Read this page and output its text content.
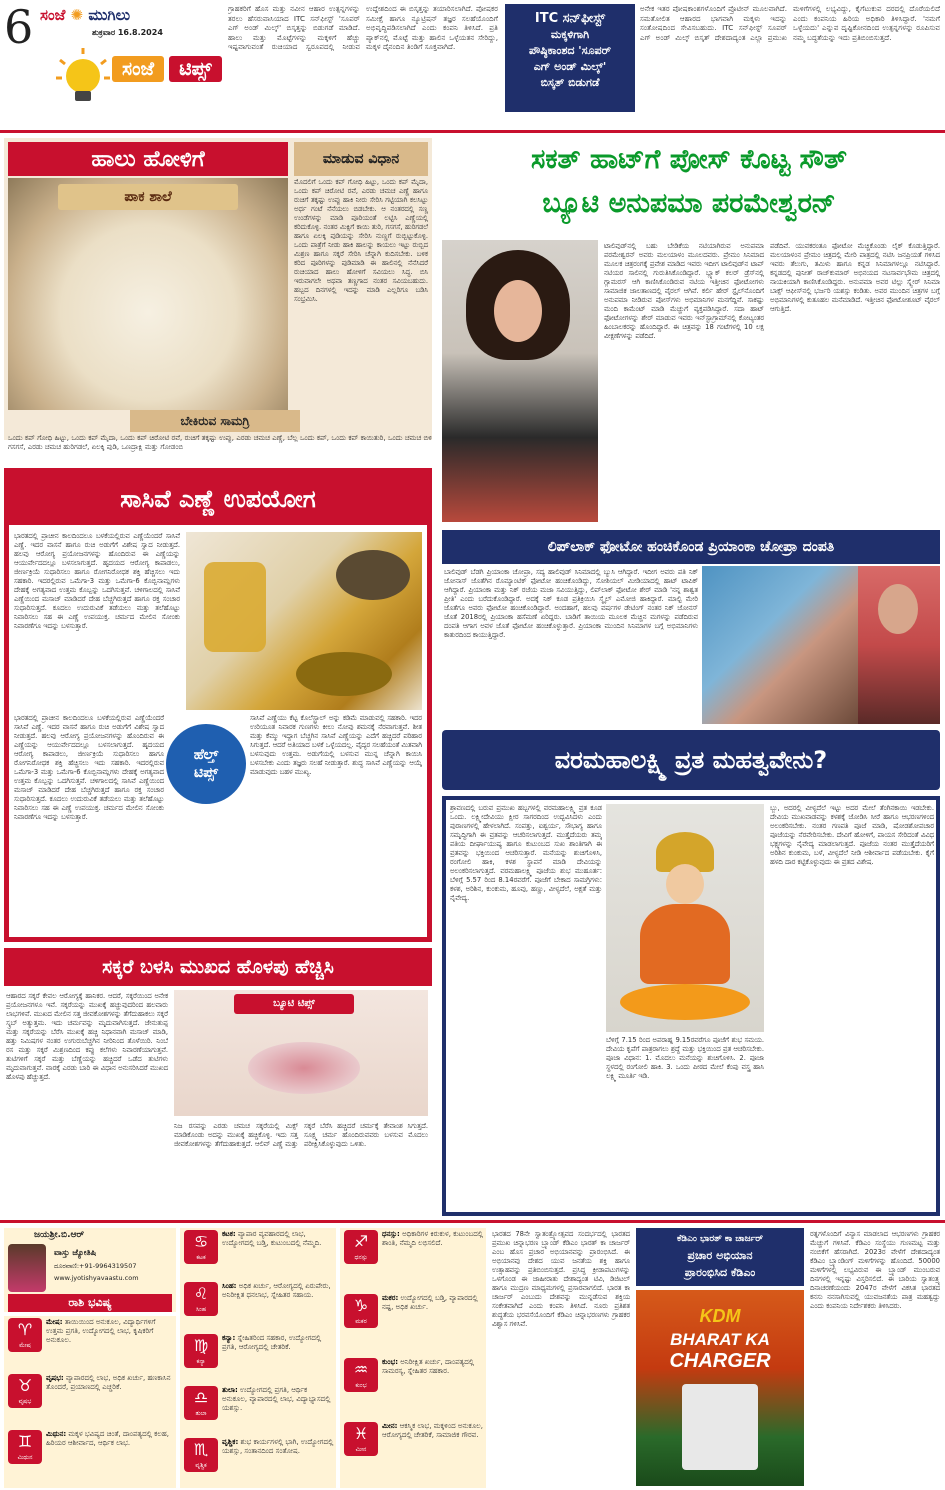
6 ಸಂಜೆ ✺ ಮುಗಿಲು
ಶುಕ್ರವಾರ 16.8.2024
ಸಂಜೆ ಟಿಪ್ಸ್
ಗ್ರಾಹಕರಿಗೆ ಹೊಸ ಮತ್ತು ನವೀನ ಆಹಾರ ಉತ್ಪನ್ನಗಳನ್ನು ತರಲು ಹೆಸರುವಾಸಿಯಾದ ITC ಸನ್‌ಫೀಸ್ಟ್ 'ಸೂಪರ್ ಎಗ್ ಅಂಡ್ ಮಿಲ್ಕ್' ಬಿಸ್ಕತ್ತನ್ನು ಬಿಡುಗಡೆ ಮಾಡಿದೆ. ಹಾಲು ಮತ್ತು ಮೊಟ್ಟೆಗಳನ್ನು ಮಕ್ಕಳಿಗೆ ಹೆಚ್ಚು ಇಷ್ಟವಾಗುವಂತೆ ರುಚಿಯಾದ ಸ್ವರೂಪದಲ್ಲಿ ನೀಡುವ ಉದ್ದೇಶದಿಂದ ಈ ಬಿಸ್ಕತ್ತನ್ನು ತಯಾರಿಸಲಾಗಿದೆ. ಪೋಷಕರ ಸಮೀಕ್ಷೆ ಹಾಗೂ ನ್ಯೂಟ್ರಿಷನ್ ತಜ್ಞರ ಸಲಹೆಯೊಂದಿಗೆ ಅಭಿವೃದ್ಧಿಪಡಿಸಲಾಗಿದೆ ಎಂದು ಕಂಪನಿ ತಿಳಿಸಿದೆ. ಪ್ರತಿ ಪ್ಯಾಕ್‌ನಲ್ಲಿ ಮೊಟ್ಟೆ ಮತ್ತು ಹಾಲಿನ ಒಳ್ಳೆಯತನ ಸೇರಿದ್ದು, ಮಕ್ಕಳ ದೈನಂದಿನ ತಿಂಡಿಗೆ ಸೂಕ್ತವಾಗಿದೆ.
ITC ಸನ್‌ಫೀಸ್ಟ್
ಮಕ್ಕಳಿಗಾಗಿ
ಪೌಷ್ಠಿಕಾಂಶದ 'ಸೂಪರ್
ಎಗ್ ಅಂಡ್ ಮಿಲ್ಕ್'
ಬಿಸ್ಕತ್ ಬಿಡುಗಡೆ
ಅನೇಕ ಇತರ ಪೋಷಕಾಂಶಗಳೊಂದಿಗೆ ಪ್ರೊಟೀನ್ ಮೂಲವಾಗಿದೆ. ಸಮತೋಲಿತ ಆಹಾರದ ಭಾಗವಾಗಿ ಮಕ್ಕಳು ಇದನ್ನು ಸಂತೋಷದಿಂದ ಸೇವಿಸಬಹುದು. ITC ಸನ್‌ಫೀಸ್ಟ್ ಸೂಪರ್ ಎಗ್ ಅಂಡ್ ಮಿಲ್ಕ್ ಬಿಸ್ಕತ್ ದೇಶದಾದ್ಯಂತ ಎಲ್ಲಾ ಪ್ರಮುಖ ಮಳಿಗೆಗಳಲ್ಲಿ ಲಭ್ಯವಿದ್ದು, ಕೈಗೆಟುಕುವ ದರದಲ್ಲಿ ದೊರೆಯಲಿದೆ ಎಂದು ಕಂಪನಿಯ ಹಿರಿಯ ಅಧಿಕಾರಿ ತಿಳಿಸಿದ್ದಾರೆ. 'ನಮಗೆ ಒಳ್ಳೆಯದು' ಎನ್ನುವ ದೃಷ್ಟಿಕೋನದಿಂದ ಉತ್ಪನ್ನಗಳನ್ನು ರೂಪಿಸುವ ನಮ್ಮ ಬದ್ಧತೆಯನ್ನು ಇದು ಪ್ರತಿಬಿಂಬಿಸುತ್ತದೆ.
ಹಾಲು ಹೋಳಿಗೆ	ಮಾಡುವ ವಿಧಾನ
ಪಾಕ ಶಾಲೆ
ಬೇಕಿರುವ ಸಾಮಗ್ರಿ
ಮೊದಲಿಗೆ ಒಂದು ಕಪ್ ಗೋಧಿ ಹಿಟ್ಟು, ಒಂದು ಕಪ್ ಮೈದಾ, ಒಂದು ಕಪ್ ಚಿರೋಟಿ ರವೆ, ಎರಡು ಚಮಚ ಎಣ್ಣೆ ಹಾಗೂ ರುಚಿಗೆ ತಕ್ಕಷ್ಟು ಉಪ್ಪು ಹಾಕಿ ನೀರು ಸೇರಿಸಿ ಗಟ್ಟಿಯಾಗಿ ಕಲಸಿಟ್ಟು ಅರ್ಧ ಗಂಟೆ ನೆನೆಯಲು ಬಿಡಬೇಕು. ಆ ನಂತರದಲ್ಲಿ ಸಣ್ಣ ಉಂಡೆಗಳನ್ನು ಮಾಡಿ ಪೂರಿಯಂತೆ ಲಟ್ಟಿಸಿ ಎಣ್ಣೆಯಲ್ಲಿ ಕರಿದುಕೊಳ್ಳಿ. ನಂತರ ಮಿಕ್ಸಿಗೆ ಕಾಯಿ ತುರಿ, ಗಸಗಸೆ, ಹುರಿಗಡಲೆ ಹಾಗೂ ಏಲಕ್ಕಿ ಪುಡಿಯನ್ನು ಸೇರಿಸಿ ನುಣ್ಣಗೆ ರುಬ್ಬಿಟ್ಟುಕೊಳ್ಳಿ. ಒಂದು ಪಾತ್ರೆಗೆ ನೀಡು ಹಾಕಿ ಹಾಲನ್ನು ಕಾಯಲು ಇಟ್ಟು ರುಬ್ಬಿದ ಮಿಶ್ರಣ ಹಾಗೂ ಸಕ್ಕರೆ ಸೇರಿಸಿ ಚೆನ್ನಾಗಿ ಕುದಿಸಬೇಕು. ಬಳಿಕ ಕರಿದ ಪೂರಿಗಳನ್ನು ಪುಡಿಮಾಡಿ ಈ ಹಾಲಿನಲ್ಲಿ ನೆನೆಸಿದರೆ ರುಚಿಯಾದ ಹಾಲು ಹೋಳಿಗೆ ಸವಿಯಲು ಸಿದ್ಧ. ಬಿಸಿ ಇರುವಾಗಲೇ ಅಥವಾ ತಣ್ಣಗಾದ ನಂತರ ಸವಿಯಬಹುದು. ಹಬ್ಬದ ದಿನಗಳಲ್ಲಿ ಇದನ್ನು ಮಾಡಿ ಎಲ್ಲರಿಗೂ ಬಡಿಸಿ ಸಂಭ್ರಮಿಸಿ.
ಒಂದು ಕಪ್ ಗೋಧಿ ಹಿಟ್ಟು, ಒಂದು ಕಪ್ ಮೈದಾ, ಒಂದು ಕಪ್ ಚಿರೋಟಿ ರವೆ, ರುಚಿಗೆ ತಕ್ಕಷ್ಟು ಉಪ್ಪು, ಎರಡು ಚಮಚ ಎಣ್ಣೆ, ಬೆಲ್ಲ ಒಂದು ಕಪ್, ಒಂದು ಕಪ್ ಕಾಯಿತುರಿ, ಒಂದು ಚಮಚ ಬಿಳಿ ಗಸಗಸೆ, ಎರಡು ಚಮಚ ಹುರಿಗಡಲೆ, ಏಲಕ್ಕಿ ಪುಡಿ, ಒಣದ್ರಾಕ್ಷಿ ಮತ್ತು ಗೋಡಂಬಿ
ಸಾಸಿವೆ ಎಣ್ಣೆ ಉಪಯೋಗ
ಭಾರತದಲ್ಲಿ ಪ್ರಾಚೀನ ಕಾಲದಿಂದಲೂ ಬಳಕೆಯಲ್ಲಿರುವ ಎಣ್ಣೆಯೆಂದರೆ ಸಾಸಿವೆ ಎಣ್ಣೆ. ಇದರ ವಾಸನೆ ಹಾಗೂ ರುಚಿ ಅಡುಗೆಗೆ ವಿಶೇಷ ಸ್ವಾದ ನೀಡುತ್ತದೆ. ಹಲವು ಆರೋಗ್ಯ ಪ್ರಯೋಜನಗಳನ್ನು ಹೊಂದಿರುವ ಈ ಎಣ್ಣೆಯನ್ನು ಆಯುರ್ವೇದದಲ್ಲೂ ಬಳಸಲಾಗುತ್ತದೆ. ಹೃದಯದ ಆರೋಗ್ಯ ಕಾಪಾಡಲು, ಜೀರ್ಣಕ್ರಿಯೆ ಸುಧಾರಿಸಲು ಹಾಗೂ ರೋಗನಿರೋಧಕ ಶಕ್ತಿ ಹೆಚ್ಚಿಸಲು ಇದು ಸಹಕಾರಿ. ಇದರಲ್ಲಿರುವ ಒಮೆಗಾ-3 ಮತ್ತು ಒಮೆಗಾ-6 ಕೊಬ್ಬಿನಾಮ್ಲಗಳು ದೇಹಕ್ಕೆ ಅಗತ್ಯವಾದ ಉತ್ತಮ ಕೊಬ್ಬನ್ನು ಒದಗಿಸುತ್ತವೆ. ಚಳಿಗಾಲದಲ್ಲಿ ಸಾಸಿವೆ ಎಣ್ಣೆಯಿಂದ ಮಸಾಜ್ ಮಾಡಿದರೆ ದೇಹ ಬೆಚ್ಚಗಿರುತ್ತದೆ ಹಾಗೂ ರಕ್ತ ಸಂಚಾರ ಸುಧಾರಿಸುತ್ತದೆ. ಕೂದಲು ಉದುರುವಿಕೆ ತಡೆಯಲು ಮತ್ತು ತಲೆಹೊಟ್ಟು ನಿವಾರಿಸಲು ಸಹ ಈ ಎಣ್ಣೆ ಉಪಯುಕ್ತ. ಚರ್ಮದ ಮೇಲಿನ ಸೋಂಕು ನಿವಾರಣೆಗೂ ಇದನ್ನು ಬಳಸುತ್ತಾರೆ.
ಭಾರತದಲ್ಲಿ ಪ್ರಾಚೀನ ಕಾಲದಿಂದಲೂ ಬಳಕೆಯಲ್ಲಿರುವ ಎಣ್ಣೆಯೆಂದರೆ ಸಾಸಿವೆ ಎಣ್ಣೆ. ಇದರ ವಾಸನೆ ಹಾಗೂ ರುಚಿ ಅಡುಗೆಗೆ ವಿಶೇಷ ಸ್ವಾದ ನೀಡುತ್ತದೆ. ಹಲವು ಆರೋಗ್ಯ ಪ್ರಯೋಜನಗಳನ್ನು ಹೊಂದಿರುವ ಈ ಎಣ್ಣೆಯನ್ನು ಆಯುರ್ವೇದದಲ್ಲೂ ಬಳಸಲಾಗುತ್ತದೆ. ಹೃದಯದ ಆರೋಗ್ಯ ಕಾಪಾಡಲು, ಜೀರ್ಣಕ್ರಿಯೆ ಸುಧಾರಿಸಲು ಹಾಗೂ ರೋಗನಿರೋಧಕ ಶಕ್ತಿ ಹೆಚ್ಚಿಸಲು ಇದು ಸಹಕಾರಿ. ಇದರಲ್ಲಿರುವ ಒಮೆಗಾ-3 ಮತ್ತು ಒಮೆಗಾ-6 ಕೊಬ್ಬಿನಾಮ್ಲಗಳು ದೇಹಕ್ಕೆ ಅಗತ್ಯವಾದ ಉತ್ತಮ ಕೊಬ್ಬನ್ನು ಒದಗಿಸುತ್ತವೆ. ಚಳಿಗಾಲದಲ್ಲಿ ಸಾಸಿವೆ ಎಣ್ಣೆಯಿಂದ ಮಸಾಜ್ ಮಾಡಿದರೆ ದೇಹ ಬೆಚ್ಚಗಿರುತ್ತದೆ ಹಾಗೂ ರಕ್ತ ಸಂಚಾರ ಸುಧಾರಿಸುತ್ತದೆ. ಕೂದಲು ಉದುರುವಿಕೆ ತಡೆಯಲು ಮತ್ತು ತಲೆಹೊಟ್ಟು ನಿವಾರಿಸಲು ಸಹ ಈ ಎಣ್ಣೆ ಉಪಯುಕ್ತ. ಚರ್ಮದ ಮೇಲಿನ ಸೋಂಕು ನಿವಾರಣೆಗೂ ಇದನ್ನು ಬಳಸುತ್ತಾರೆ.
ಹೆಲ್ತ್
ಟಿಪ್ಸ್
ಸಾಸಿವೆ ಎಣ್ಣೆಯು ಕೆಟ್ಟ ಕೊಲೆಸ್ಟ್ರಾಲ್ ಅನ್ನು ಕಡಿಮೆ ಮಾಡುವಲ್ಲಿ ಸಹಕಾರಿ. ಇದರ ಉರಿಯೂತ ನಿವಾರಕ ಗುಣಗಳು ಕೀಲು ನೋವು ಶಮನಕ್ಕೆ ನೆರವಾಗುತ್ತವೆ. ಶೀತ ಮತ್ತು ಕೆಮ್ಮು ಇದ್ದಾಗ ಬೆಚ್ಚಗಿನ ಸಾಸಿವೆ ಎಣ್ಣೆಯನ್ನು ಎದೆಗೆ ಹಚ್ಚಿದರೆ ಪರಿಹಾರ ಸಿಗುತ್ತದೆ. ಆದರೆ ಅತಿಯಾದ ಬಳಕೆ ಒಳ್ಳೆಯದಲ್ಲ. ವೈದ್ಯರ ಸಲಹೆಯಂತೆ ಮಿತವಾಗಿ ಬಳಸುವುದು ಉತ್ತಮ. ಅಡುಗೆಯಲ್ಲಿ ಬಳಸುವ ಮುನ್ನ ಚೆನ್ನಾಗಿ ಕಾಯಿಸಿ ಬಳಸಬೇಕು ಎಂದು ತಜ್ಞರು ಸಲಹೆ ನೀಡುತ್ತಾರೆ. ಶುದ್ಧ ಸಾಸಿವೆ ಎಣ್ಣೆಯನ್ನು ಆಯ್ಕೆ ಮಾಡುವುದು ಬಹಳ ಮುಖ್ಯ.
ಸಕ್ಕರೆ ಬಳಸಿ ಮುಖದ ಹೊಳಪು ಹೆಚ್ಚಿಸಿ
ಆಹಾರದ ಸಕ್ಕರೆ ಕೇವಲ ಆರೋಗ್ಯಕ್ಕೆ ಹಾನಿಕರ. ಆದರೆ, ಸಕ್ಕರೆಯಿಂದ ಅನೇಕ ಪ್ರಯೋಜನಗಳೂ ಇವೆ. ಸಕ್ಕರೆಯನ್ನು ಮುಖಕ್ಕೆ ಹಚ್ಚುವುದರಿಂದ ಹಲವಾರು ಲಾಭಗಳಿವೆ. ಮುಖದ ಮೇಲಿನ ಸತ್ತ ಜೀವಕೋಶಗಳನ್ನು ತೆಗೆದುಹಾಕಲು ಸಕ್ಕರೆ ಸ್ಕ್ರಬ್ ಅತ್ಯುತ್ತಮ. ಇದು ಚರ್ಮವನ್ನು ಮೃದುವಾಗಿಸುತ್ತದೆ. ಜೇನುತುಪ್ಪ ಮತ್ತು ಸಕ್ಕರೆಯನ್ನು ಬೆರೆಸಿ ಮುಖಕ್ಕೆ ಹಚ್ಚಿ ನಿಧಾನವಾಗಿ ಮಸಾಜ್ ಮಾಡಿ, ಹತ್ತು ನಿಮಿಷಗಳ ನಂತರ ಉಗುರುಬೆಚ್ಚಗಿನ ನೀರಿನಿಂದ ತೊಳೆಯಿರಿ. ನಿಂಬೆ ರಸ ಮತ್ತು ಸಕ್ಕರೆ ಮಿಶ್ರಣದಿಂದ ಕಪ್ಪು ಕಲೆಗಳು ನಿವಾರಣೆಯಾಗುತ್ತವೆ. ತುಟಿಗಳಿಗೆ ಸಕ್ಕರೆ ಮತ್ತು ಬೆಣ್ಣೆಯನ್ನು ಹಚ್ಚಿದರೆ ಒಡೆದ ತುಟಿಗಳು ಮೃದುವಾಗುತ್ತವೆ. ವಾರಕ್ಕೆ ಎರಡು ಬಾರಿ ಈ ವಿಧಾನ ಅನುಸರಿಸಿದರೆ ಮುಖದ ಹೊಳಪು ಹೆಚ್ಚುತ್ತದೆ.
ಬ್ಯೂಟಿ ಟಿಪ್ಸ್
ನಿಜ ರಸವನ್ನು ಎರಡು ಚಮಚ ಸಕ್ಕರೆಯಲ್ಲಿ ಮಿಕ್ಸ್ ಮಾಡಿಕೊಂಡು ಅದನ್ನು ಮುಖಕ್ಕೆ ಹಚ್ಚಿಕೊಳ್ಳಿ. ಇದು ಸತ್ತ ಜೀವಕೋಶಗಳನ್ನು ತೆಗೆದುಹಾಕುತ್ತದೆ. ಆಲಿವ್ ಎಣ್ಣೆ ಮತ್ತು ಸಕ್ಕರೆ ಬೆರೆಸಿ ಹಚ್ಚಿದರೆ ಚರ್ಮಕ್ಕೆ ತೇವಾಂಶ ಸಿಗುತ್ತದೆ. ಸೂಕ್ಷ್ಮ ಚರ್ಮ ಹೊಂದಿರುವವರು ಬಳಸುವ ಮೊದಲು ಪರೀಕ್ಷಿಸಿಕೊಳ್ಳುವುದು ಒಳಿತು.
ಸಕತ್ ಹಾಟ್‌ಗೆ ಪೋಸ್ ಕೊಟ್ಟ ಸೌತ್
ಬ್ಯೂಟಿ ಅನುಪಮಾ ಪರಮೇಶ್ವರನ್
ಟಾಲಿವುಡ್‌ನಲ್ಲಿ ಬಹು ಬೇಡಿಕೆಯ ನಟಿಯಾಗಿರುವ ಅನುಪಮಾ ಪರಮೇಶ್ವರನ್ ಅವರು ಮಲಯಾಳಂ ಮೂಲದವರು. ಪ್ರೇಮಂ ಸಿನಿಮಾದ ಮೂಲಕ ಚಿತ್ರರಂಗಕ್ಕೆ ಪ್ರವೇಶ ಮಾಡಿದ ಇವರು ಇದೀಗ ಟಾಲಿವುಡ್‌ನ ಟಾಪ್ ನಟಿಯರ ಸಾಲಿನಲ್ಲಿ ಗುರುತಿಸಿಕೊಂಡಿದ್ದಾರೆ. ಬ್ಲ್ಯಾಕ್ ಕಲರ್ ಡ್ರೆಸ್‌ನಲ್ಲಿ ಗ್ಲಾಮರಸ್ ಆಗಿ ಕಾಣಿಸಿಕೊಂಡಿರುವ ನಟಿಯ ಇತ್ತೀಚಿನ ಫೋಟೋಗಳು ಸಾಮಾಜಿಕ ಜಾಲತಾಣದಲ್ಲಿ ವೈರಲ್ ಆಗಿವೆ. ಕರ್ಲಿ ಹೇರ್ ಸ್ಟೈಲ್‌ನೊಂದಿಗೆ ಅನುಪಮಾ ನೀಡಿರುವ ಪೋಸ್‌ಗಳು ಅಭಿಮಾನಿಗಳ ಮನಗೆದ್ದಿವೆ. ಸಾಕಷ್ಟು ಮಂದಿ ಕಾಮೆಂಟ್ ಮಾಡಿ ಮೆಚ್ಚುಗೆ ವ್ಯಕ್ತಪಡಿಸಿದ್ದಾರೆ. ಸದಾ ಹಾಟ್ ಫೋಟೋಗಳನ್ನು ಶೇರ್ ಮಾಡುವ ಇವರು ಇನ್‌ಸ್ಟಾಗ್ರಾಮ್‌ನಲ್ಲಿ ಕೋಟ್ಯಂತರ ಹಿಂಬಾಲಕರನ್ನು ಹೊಂದಿದ್ದಾರೆ. ಈ ಚಿತ್ರವನ್ನು 18 ಗಂಟೆಗಳಲ್ಲಿ 10 ಲಕ್ಷ ವೀಕ್ಷಣೆಗಳನ್ನು ಪಡೆದಿದೆ.
ಪಡೆದಿವೆ. ಯುವಕರಂತೂ ಫೋಟೋ ಮೆಚ್ಚಿಕೊಂಡು ಲೈಕ್ ಕೊಡುತ್ತಿದ್ದಾರೆ. ಮಲಯಾಳಂನ ಪ್ರೇಮಂ ಚಿತ್ರದಲ್ಲಿ ಮೇರಿ ಪಾತ್ರದಲ್ಲಿ ನಟಿಸಿ ಜನಪ್ರಿಯತೆ ಗಳಿಸಿದ ಇವರು ತೆಲುಗು, ತಮಿಳು ಹಾಗೂ ಕನ್ನಡ ಸಿನಿಮಾಗಳಲ್ಲೂ ನಟಿಸಿದ್ದಾರೆ. ಕನ್ನಡದಲ್ಲಿ ಪುನೀತ್ ರಾಜ್‌ಕುಮಾರ್ ಅಭಿನಯದ ನಟಸಾರ್ವಭೌಮ ಚಿತ್ರದಲ್ಲಿ ನಾಯಕಿಯಾಗಿ ಕಾಣಿಸಿಕೊಂಡಿದ್ದರು. ಅನುಪಮಾ ಅವರ ಟಿಲ್ಲು ಸ್ಕ್ವೇರ್ ಸಿನಿಮಾ ಬಾಕ್ಸ್ ಆಫೀಸ್‌ನಲ್ಲಿ ಭರ್ಜರಿ ಯಶಸ್ಸು ಕಂಡಿತು. ಅವರ ಮುಂದಿನ ಚಿತ್ರಗಳ ಬಗ್ಗೆ ಅಭಿಮಾನಿಗಳಲ್ಲಿ ಕುತೂಹಲ ಮನೆಮಾಡಿದೆ. ಇತ್ತೀಚಿನ ಫೋಟೋಶೂಟ್ ವೈರಲ್ ಆಗುತ್ತಿದೆ.
ಲಿಪ್‌ಲಾಕ್ ಫೋಟೋ ಹಂಚಿಕೊಂಡ ಪ್ರಿಯಾಂಕಾ ಚೋಪ್ರಾ ದಂಪತಿ
ಬಾಲಿವುಡ್ ಬೆಡಗಿ ಪ್ರಿಯಾಂಕಾ ಚೋಪ್ರಾ, ಸದ್ಯ ಹಾಲಿವುಡ್ ಸಿನಿಮಾದಲ್ಲಿ ಬ್ಯುಸಿ ಆಗಿದ್ದಾರೆ. ಇದೀಗ ಅವರು ಪತಿ ನಿಕ್ ಜೋನಾಸ್ ಜೊತೆಗಿನ ರೊಮ್ಯಾಂಟಿಕ್ ಫೋಟೋ ಹಂಚಿಕೊಂಡಿದ್ದು, ಸೋಶಿಯಲ್ ಮೀಡಿಯಾದಲ್ಲಿ ಹಾಟ್ ಟಾಪಿಕ್ ಆಗಿದ್ದಾರೆ. ಪ್ರಿಯಾಂಕಾ ಮತ್ತು ನಿಕ್ ರಜೆಯ ಮಜಾ ಸವಿಯುತ್ತಿದ್ದು, ಲಿಪ್‌ಲಾಕ್ ಫೋಟೋ ಶೇರ್ ಮಾಡಿ 'ನನ್ನ ಶಾಶ್ವತ ಪ್ರೀತಿ' ಎಂದು ಬರೆದುಕೊಂಡಿದ್ದಾರೆ. ಅದಕ್ಕೆ ನಿಕ್ ಕೂಡ ಪ್ರತಿಕ್ರಿಯಿಸಿ ಸ್ಮೈಲ್ ಎಮೋಜಿ ಹಾಕಿದ್ದಾರೆ. ಮಾಲ್ಟಿ ಮೇರಿ ಜೊತೆಗೂ ಅವರು ಫೋಟೋ ಹಂಚಿಕೊಂಡಿದ್ದಾರೆ. ಅಂದಹಾಗೆ, ಹಲವು ವರ್ಷಗಳ ಡೇಟಿಂಗ್ ನಂತರ ನಿಕ್ ಜೋನಸ್ ಜೊತೆ 2018ರಲ್ಲಿ ಪ್ರಿಯಾಂಕಾ ಹಸೆಮಣೆ ಏರಿದ್ದರು. ಬಾಡಿಗೆ ತಾಯಿಯ ಮೂಲಕ ಮೆಚ್ಚಿನ ಮಗಳನ್ನು ಪಡೆದಿರುವ ದಂಪತಿ ಆಗಾಗ ಅವಳ ಜೊತೆ ಫೋಟೋ ಹಂಚಿಕೊಳ್ಳುತ್ತಾರೆ. ಪ್ರಿಯಾಂಕಾ ಮುಂದಿನ ಸಿನಿಮಾಗಳ ಬಗ್ಗೆ ಅಭಿಮಾನಿಗಳು ಕಾತುರದಿಂದ ಕಾಯುತ್ತಿದ್ದಾರೆ.
ವರಮಹಾಲಕ್ಷ್ಮಿ ವ್ರತ ಮಹತ್ವವೇನು?
ಶ್ರಾವಣದಲ್ಲಿ ಬರುವ ಪ್ರಮುಖ ಹಬ್ಬಗಳಲ್ಲಿ ವರಮಹಾಲಕ್ಷ್ಮಿ ವ್ರತ ಕೂಡ ಒಂದು. ಲಕ್ಷ್ಮೀದೇವಿಯು ಕ್ಷೀರ ಸಾಗರದಿಂದ ಉದ್ಭವಿಸಿದಳು ಎಂದು ಪುರಾಣಗಳಲ್ಲಿ ಹೇಳಲಾಗಿದೆ. ಸಂಪತ್ತು, ಐಶ್ವರ್ಯ, ಸೌಭಾಗ್ಯ ಹಾಗೂ ಸಮೃದ್ಧಿಗಾಗಿ ಈ ವ್ರತವನ್ನು ಆಚರಿಸಲಾಗುತ್ತದೆ. ಮುತ್ತೈದೆಯರು ತಮ್ಮ ಪತಿಯ ದೀರ್ಘಾಯುಷ್ಯ ಹಾಗೂ ಕುಟುಂಬದ ಸುಖ ಶಾಂತಿಗಾಗಿ ಈ ವ್ರತವನ್ನು ಭಕ್ತಿಯಿಂದ ಆಚರಿಸುತ್ತಾರೆ. ಮನೆಯನ್ನು ಶುಚಿಗೊಳಿಸಿ, ರಂಗೋಲಿ ಹಾಕಿ, ಕಳಶ ಸ್ಥಾಪನೆ ಮಾಡಿ ದೇವಿಯನ್ನು ಅಲಂಕರಿಸಲಾಗುತ್ತದೆ. ವರಮಹಾಲಕ್ಷ್ಮಿ ಪೂಜೆಯ ಶುಭ ಮುಹೂರ್ತ: ಬೆಳಿಗ್ಗೆ 5.57 ರಿಂದ 8.14ರವರೆಗೆ. ಪೂಜೆಗೆ ಬೇಕಾದ ಸಾಮಗ್ರಿಗಳು: ಕಳಶ, ಅರಿಶಿನ, ಕುಂಕುಮ, ಹೂವು, ಹಣ್ಣು, ವೀಳ್ಯದೆಲೆ, ಅಕ್ಷತೆ ಮತ್ತು ನೈವೇದ್ಯ.
ಬ್ಬು, ಅದರಲ್ಲಿ ವೀಳ್ಯದೆಲೆ ಇಟ್ಟು ಅದರ ಮೇಲೆ ತೆಂಗಿನಕಾಯಿ ಇಡಬೇಕು. ದೇವಿಯ ಮುಖವಾಡವನ್ನು ಕಳಶಕ್ಕೆ ಜೋಡಿಸಿ ಸೀರೆ ಹಾಗೂ ಆಭರಣಗಳಿಂದ ಅಲಂಕರಿಸಬೇಕು. ನಂತರ ಗಣಪತಿ ಪೂಜೆ ಮಾಡಿ, ಷೋಡಶೋಪಚಾರ ಪೂಜೆಯನ್ನು ನೆರವೇರಿಸಬೇಕು. ದೇವಿಗೆ ಹೋಳಿಗೆ, ಪಾಯಸ ಸೇರಿದಂತೆ ವಿವಿಧ ಭಕ್ಷ್ಯಗಳನ್ನು ನೈವೇದ್ಯ ಮಾಡಲಾಗುತ್ತದೆ. ಪೂಜೆಯ ನಂತರ ಮುತ್ತೈದೆಯರಿಗೆ ಅರಿಶಿನ ಕುಂಕುಮ, ಬಳೆ, ವೀಳ್ಯದೆಲೆ ನೀಡಿ ಆಶೀರ್ವಾದ ಪಡೆಯಬೇಕು. ಕೈಗೆ ಹಳದಿ ದಾರ ಕಟ್ಟಿಕೊಳ್ಳುವುದು ಈ ವ್ರತದ ವಿಶೇಷ.
ಬೆಳಿಗ್ಗೆ 7.15 ರಿಂದ ಅಪರಾಹ್ನ 9.15ರವರೆಗೂ ಪೂಜೆಗೆ ಶುಭ ಸಮಯ. ದೇವಿಯ ಕೃಪೆಗೆ ಪಾತ್ರರಾಗಲು ಶ್ರದ್ಧೆ ಮತ್ತು ಭಕ್ತಿಯಿಂದ ವ್ರತ ಆಚರಿಸಬೇಕು. ಪೂಜಾ ವಿಧಾನ: 1. ಮೊದಲು ಮನೆಯನ್ನು ಶುಚಿಗೊಳಿಸಿ. 2. ಪೂಜಾ ಸ್ಥಳದಲ್ಲಿ ರಂಗೋಲಿ ಹಾಕಿ. 3. ಒಂದು ಪೀಠದ ಮೇಲೆ ಕೆಂಪು ವಸ್ತ್ರ ಹಾಸಿ ಲಕ್ಷ್ಮಿ ಮೂರ್ತಿ ಇಡಿ.
ಜಯಶ್ರೀ.ಬಿ.ಆರ್
ವಾಸ್ತು ಜ್ಯೋತಿಷಿ
ದೂರವಾಣಿ:+91-9964319507
www.jyotishyavaastu.com
ರಾಶಿ ಭವಿಷ್ಯ
♈
ಮೇಷ
ಮೇಷ: ತಾಯಿಯಿಂದ ಅನುಕೂಲ, ವಿದ್ಯಾರ್ಥಿಗಳಿಗೆ ಉತ್ತಮ ಪ್ರಗತಿ, ಉದ್ಯೋಗದಲ್ಲಿ ಲಾಭ, ಕೃಷಿಕರಿಗೆ ಅನುಕೂಲ.
♉
ವೃಷಭ
ವೃಷಭ: ವ್ಯಾಪಾರದಲ್ಲಿ ಲಾಭ, ಅಧಿಕ ಖರ್ಚು, ಹಣಕಾಸಿನ ತೊಂದರೆ, ಪ್ರಯಾಣದಲ್ಲಿ ಎಚ್ಚರಿಕೆ.
♊
ಮಿಥುನ
ಮಿಥುನ: ಮಕ್ಕಳ ಭವಿಷ್ಯದ ಚಿಂತೆ, ದಾಂಪತ್ಯದಲ್ಲಿ ಕಲಹ, ಹಿರಿಯರ ಆಶೀರ್ವಾದ, ಆರ್ಥಿಕ ಲಾಭ.
♋
ಕಟಕ
ಕಟಕ: ವ್ಯಾಪಾರ ವ್ಯವಹಾರದಲ್ಲಿ ಲಾಭ, ಉದ್ಯೋಗದಲ್ಲಿ ಬಡ್ತಿ, ಕುಟುಂಬದಲ್ಲಿ ನೆಮ್ಮದಿ.
♌
ಸಿಂಹ
ಸಿಂಹ: ಅಧಿಕ ಖರ್ಚು, ಆರೋಗ್ಯದಲ್ಲಿ ಏರುಪೇರು, ಅನಿರೀಕ್ಷಿತ ಧನಲಾಭ, ಸ್ನೇಹಿತರ ಸಹಾಯ.
♍
ಕನ್ಯಾ
ಕನ್ಯಾ: ಸ್ನೇಹಿತರಿಂದ ಸಹಕಾರ, ಉದ್ಯೋಗದಲ್ಲಿ ಪ್ರಗತಿ, ಆರೋಗ್ಯದಲ್ಲಿ ಚೇತರಿಕೆ.
♎
ತುಲಾ
ತುಲಾ: ಉದ್ಯೋಗದಲ್ಲಿ ಪ್ರಗತಿ, ಆರ್ಥಿಕ ಅನುಕೂಲ, ವ್ಯಾಪಾರದಲ್ಲಿ ಲಾಭ, ವಿದ್ಯಾಭ್ಯಾಸದಲ್ಲಿ ಯಶಸ್ಸು.
♏
ವೃಶ್ಚಿಕ
ವೃಶ್ಚಿಕ: ಶುಭ ಕಾರ್ಯಗಳಲ್ಲಿ ಭಾಗಿ, ಉದ್ಯೋಗದಲ್ಲಿ ಯಶಸ್ಸು, ಸಂತಾನದಿಂದ ಸಂತೋಷ.
♐
ಧನಸ್ಸು
ಧನಸ್ಸು: ಅಧಿಕಾರಿಗಳ ಕಿರುಕುಳ, ಕುಟುಂಬದಲ್ಲಿ ಶಾಂತಿ, ನೆಮ್ಮದಿ ಲಭಿಸಲಿದೆ.
♑
ಮಕರ
ಮಕರ: ಉದ್ಯೋಗದಲ್ಲಿ ಬಡ್ತಿ, ವ್ಯಾಪಾರದಲ್ಲಿ ನಷ್ಟ, ಅಧಿಕ ಖರ್ಚು.
♒
ಕುಂಭ
ಕುಂಭ: ಅನಿರೀಕ್ಷಿತ ಖರ್ಚು, ದಾಂಪತ್ಯದಲ್ಲಿ ಸಾಮರಸ್ಯ, ಸ್ನೇಹಿತರ ಸಹಕಾರ.
♓
ಮೀನ
ಮೀನ: ಆಕಸ್ಮಿಕ ಲಾಭ, ಮಕ್ಕಳಿಂದ ಅನುಕೂಲ, ಆರೋಗ್ಯದಲ್ಲಿ ಚೇತರಿಕೆ, ಸಾಮಾಜಿಕ ಗೌರವ.
ಭಾರತದ 78ನೇ ಸ್ವಾತಂತ್ರ್ಯೋತ್ಸವದ ಸಂದರ್ಭದಲ್ಲಿ ಭಾರತದ ಪ್ರಮುಖ ಚಿನ್ನಾಭರಣ ಬ್ರ್ಯಾಂಡ್ ಕೆಡಿಎಂ ಭಾರತ್ ಕಾ ಚಾರ್ಜರ್ ಎಂಬ ಹೊಸ ಪ್ರಚಾರ ಅಭಿಯಾನವನ್ನು ಪ್ರಾರಂಭಿಸಿದೆ. ಈ ಅಭಿಯಾನವು ದೇಶದ ಯುವ ಜನತೆಯ ಶಕ್ತಿ ಹಾಗೂ ಉತ್ಸಾಹವನ್ನು ಪ್ರತಿಬಿಂಬಿಸುತ್ತದೆ. ಪ್ರಸಿದ್ಧ ಕ್ರೀಡಾಪಟುಗಳನ್ನು ಒಳಗೊಂಡ ಈ ಜಾಹೀರಾತು ದೇಶಾದ್ಯಂತ ಟಿವಿ, ಡಿಜಿಟಲ್ ಹಾಗೂ ಮುದ್ರಣ ಮಾಧ್ಯಮಗಳಲ್ಲಿ ಪ್ರಸಾರವಾಗಲಿದೆ. ಭಾರತ ಕಾ ಚಾರ್ಜರ್ ಎಂಬುದು ದೇಶವನ್ನು ಮುನ್ನಡೆಸುವ ಶಕ್ತಿಯ ಸಂಕೇತವಾಗಿದೆ ಎಂದು ಕಂಪನಿ ತಿಳಿಸಿದೆ. ನೂರು ಪ್ರತಿಶತ ಶುದ್ಧತೆಯ ಭರವಸೆಯೊಂದಿಗೆ ಕೆಡಿಎಂ ಚಿನ್ನಾಭರಣಗಳು ಗ್ರಾಹಕರ ವಿಶ್ವಾಸ ಗಳಿಸಿವೆ.
ಕೆಡಿಎಂ ಭಾರತ್ ಕಾ ಚಾರ್ಜರ್
ಪ್ರಚಾರ ಅಭಿಯಾನ
ಪ್ರಾರಂಭಿಸಿದ ಕೆಡಿಎಂ
KDM
BHARAT KA
CHARGER
ರತ್ನಗಳೊಂದಿಗೆ ವಿನ್ಯಾಸ ಮಾಡಲಾದ ಆಭರಣಗಳು ಗ್ರಾಹಕರ ಮೆಚ್ಚುಗೆ ಗಳಿಸಿವೆ. ಕೆಡಿಎಂ ಸಂಸ್ಥೆಯು ಗುಣಮಟ್ಟ ಮತ್ತು ನಂಬಿಕೆಗೆ ಹೆಸರಾಗಿದೆ. 2023ರ ವೇಳೆಗೆ ದೇಶದಾದ್ಯಂತ ಕೆಡಿಎಂ ಬ್ರ್ಯಾಂಡಿಂಗ್ ಮಳಿಗೆಗಳನ್ನು ಹೊಂದಿದೆ. 50000 ಮಳಿಗೆಗಳಲ್ಲಿ ಲಭ್ಯವಿರುವ ಈ ಬ್ರ್ಯಾಂಡ್ ಮುಂಬರುವ ದಿನಗಳಲ್ಲಿ ಇನ್ನಷ್ಟು ವಿಸ್ತರಿಸಲಿದೆ. ಈ ಬಾರಿಯ ಸ್ವಾತಂತ್ರ್ಯ ದಿನಾಚರಣೆಯಂದು 2047ರ ವೇಳೆಗೆ ವಿಕಸಿತ ಭಾರತದ ಕನಸು ನನಸಾಗಿಸುವಲ್ಲಿ ಯುವಜನತೆಯ ಪಾತ್ರ ಮಹತ್ವದ್ದು ಎಂದು ಕಂಪನಿಯ ನಿರ್ದೇಶಕರು ತಿಳಿಸಿದರು.
